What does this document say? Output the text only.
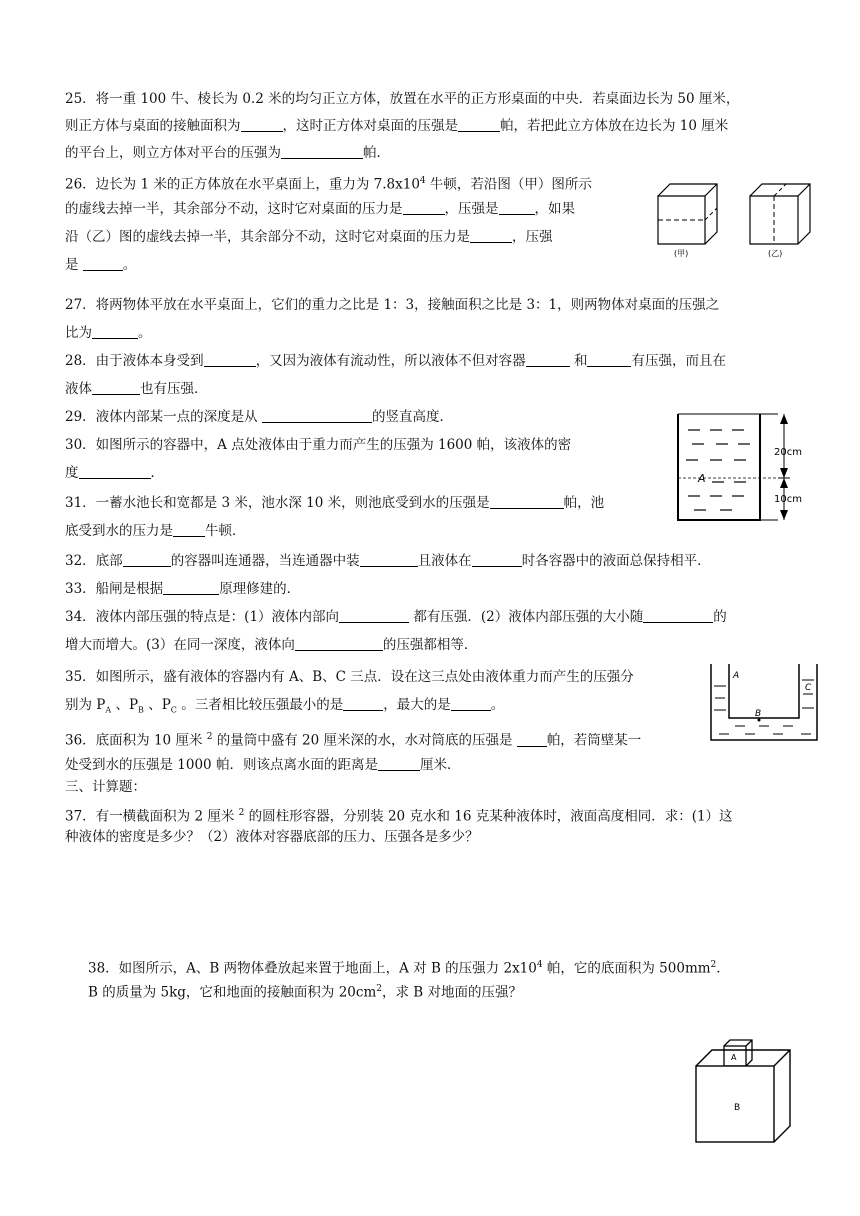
25．将一重 100 牛、棱长为 0.2 米的均匀正立方体，放置在水平的正方形桌面的中央．若桌面边长为 50 厘米，

则正方体与桌面的接触面积为	，这时正方体对桌面的压强是	帕，若把此立方体放在边长为 10 厘米

的平台上，则立方体对平台的压强为	帕．

26．边长为 1 米的正方体放在水平桌面上，重力为 $7.8x10^4$ 牛顿，若沿图（甲）图所示

的虚线去掉一半，其余部分不动，这时它对桌面的压力是	，压强是	，如果

沿（乙）图的虚线去掉一半，其余部分不动，这时它对桌面的压力是	，压强

是	。

(甲)	(乙)

27．将两物体平放在水平桌面上，它们的重力之比是 1：3，接触面积之比是 3：1，则两物体对桌面的压强之

比为	。

28．由于液体本身受到	，又因为液体有流动性，所以液体不但对容器	和	有压强，而且在

液体	也有压强．

29．液体内部某一点的深度是从	的竖直高度．

30．如图所示的容器中，A 点处液体由于重力而产生的压强为 1600 帕，该液体的密

度	．	A
20cm
10cm

31．一蓄水池长和宽都是 3 米，池水深 10 米，则池底受到水的压强是	帕，池

底受到水的压力是 牛顿．

32．底部	的容器叫连通器，当连通器中装	且液体在	时各容器中的液面总保持相平．

33．船闸是根据	原理修建的．

34．液体内部压强的特点是：(1）液体内部向	都有压强．(2）液体内部压强的大小随	的

增大而增大。(3）在同一深度，液体向	的压强都相等．

35．如图所示，盛有液体的容器内有 A、B、C 三点．设在这三点处由液体重力而产生的压强分

别为 $P_A$ 、$P_B$ 、$P_C$ 。三者相比较压强最小的是	，最大的是	。

A
B
C

36．底面积为 10 厘米 $^2$ 的量筒中盛有 20 厘米深的水，水对筒底的压强是 帕，若筒壁某一

处受到水的压强是 1000 帕．则该点离水面的距离是	厘米．

三、计算题：

37．有一横截面积为 2 厘米 $^2$ 的圆柱形容器，分别装 20 克水和 16 克某种液体时，液面高度相同．求：(1）这

种液体的密度是多少？（2）液体对容器底部的压力、压强各是多少？

38．如图所示，A、B 两物体叠放起来置于地面上，A 对 B 的压强力 $2x10^4$ 帕，它的底面积为 $500mm^2$．

B 的质量为 5kg，它和地面的接触面积为 $20cm^2$，求 B 对地面的压强？

A
B
